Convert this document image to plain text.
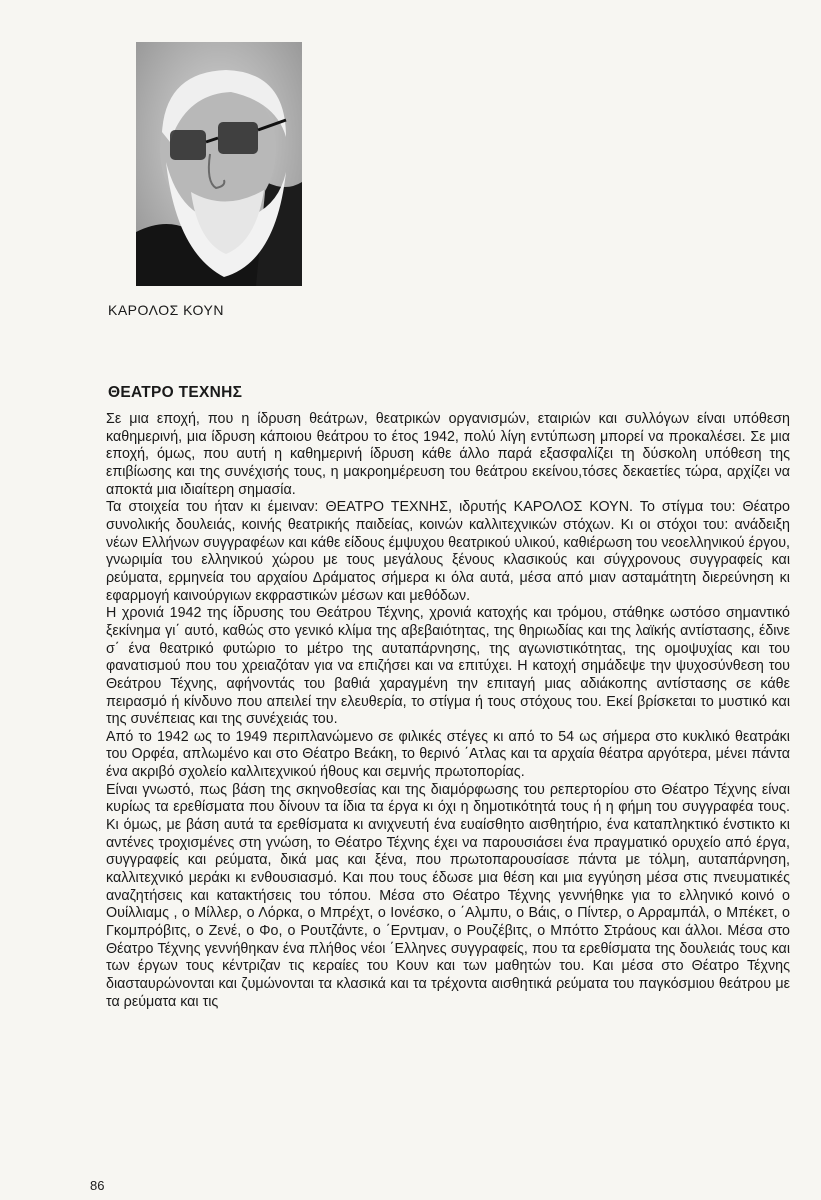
ΚΑΡΟΛΟΣ ΚΟΥΝ
ΘΕΑΤΡΟ ΤΕΧΝΗΣ

Σε μια εποχή, που η ίδρυση θεάτρων, θεατρικών οργανισμών, εταιριών και συλλόγων είναι υπόθεση καθημερινή, μια ίδρυση κάποιου θεάτρου το έτος 1942, πολύ λίγη εντύπωση μπορεί να προκαλέσει. Σε μια εποχή, όμως, που αυτή η καθημερινή ίδρυση κάθε άλλο παρά εξασφαλίζει τη δύσκολη υπόθεση της επιβίωσης και της συνέχισής τους, η μακροημέρευση του θεάτρου εκείνου,τόσες δεκαετίες τώρα, αρχίζει να αποκτά μια ιδιαίτερη σημασία.

Τα στοιχεία του ήταν κι έμειναν: ΘΕΑΤΡΟ ΤΕΧΝΗΣ, ιδρυτής ΚΑΡΟΛΟΣ ΚΟΥΝ. Το στίγμα του: Θέατρο συνολικής δουλειάς, κοινής θεατρικής παιδείας, κοινών καλλιτεχνικών στόχων. Κι οι στόχοι του: ανάδειξη νέων Ελλήνων συγγραφέων και κάθε είδους έμψυχου θεατρικού υλικού, καθιέρωση του νεοελληνικού έργου, γνωριμία του ελληνικού χώρου με τους μεγάλους ξένους κλασικούς και σύγχρονους συγγραφείς και ρεύματα, ερμηνεία του αρχαίου Δράματος σήμερα κι όλα αυτά, μέσα από μιαν ασταμάτητη διερεύνηση κι εφαρμογή καινούργιων εκφραστικών μέσων και μεθόδων.

Η χρονιά 1942 της ίδρυσης του Θεάτρου Τέχνης, χρονιά κατοχής και τρόμου, στάθηκε ωστόσο σημαντικό ξεκίνημα γι΄ αυτό, καθώς στο γενικό κλίμα της αβεβαιότητας, της θηριωδίας και της λαϊκής αντίστασης, έδινε σ΄ ένα θεατρικό φυτώριο το μέτρο της αυταπάρνησης, της αγωνιστικότητας, της ομοψυχίας και του φανατισμού που του χρειαζόταν για να επιζήσει και να επιτύχει. Η κατοχή σημάδεψε την ψυχοσύνθεση του Θεάτρου Τέχνης, αφήνοντάς του βαθιά χαραγμένη την επιταγή μιας αδιάκοπης αντίστασης σε κάθε πειρασμό ή κίνδυνο που απειλεί την ελευθερία, το στίγμα ή τους στόχους του. Εκεί βρίσκεται το μυστικό και της συνέπειας και της συνέχειάς του.

Από το 1942 ως το 1949 περιπλανώμενο σε φιλικές στέγες κι από το 54 ως σήμερα στο κυκλικό θεατράκι του Ορφέα, απλωμένο και στο Θέατρο Βεάκη, το θερινό ΄Ατλας και τα αρχαία θέατρα αργότερα, μένει πάντα ένα ακριβό σχολείο καλλιτεχνικού ήθους και σεμνής πρωτοπορίας.

Είναι γνωστό, πως βάση της σκηνοθεσίας και της διαμόρφωσης του ρεπερτορίου στο Θέατρο Τέχνης είναι κυρίως τα ερεθίσματα που δίνουν τα ίδια τα έργα κι όχι η δημοτικότητά τους ή η φήμη του συγγραφέα τους. Κι όμως, με βάση αυτά τα ερεθίσματα κι ανιχνευτή ένα ευαίσθητο αισθητήριο, ένα καταπληκτικό ένστικτο κι αντένες τροχισμένες στη γνώση, το Θέατρο Τέχνης έχει να παρουσιάσει ένα πραγματικό ορυχείο από έργα, συγγραφείς και ρεύματα, δικά μας και ξένα, που πρωτοπαρουσίασε πάντα με τόλμη, αυταπάρνηση, καλλιτεχνικό μεράκι κι ενθουσιασμό. Και που τους έδωσε μια θέση και μια εγγύηση μέσα στις πνευματικές αναζητήσεις και κατακτήσεις του τόπου. Μέσα στο Θέατρο Τέχνης γεννήθηκε για το ελληνικό κοινό ο Ουίλλιαμς , ο Μίλλερ, ο Λόρκα, ο Μπρέχτ, ο Ιονέσκο, ο ΄Αλμπυ, ο Βάις, ο Πίντερ, ο Αρραμπάλ, ο Μπέκετ, ο Γκομπρόβιτς, ο Ζενέ, ο Φο, ο Ρουτζάντε, ο ΄Ερντμαν, ο Ρουζέβιτς, ο Μπόττο Στράους και άλλοι. Μέσα στο Θέατρο Τέχνης γεννήθηκαν ένα πλήθος νέοι ΄Ελληνες συγγραφείς, που τα ερεθίσματα της δουλειάς τους και των έργων τους κέντριζαν τις κεραίες του Κουν και των μαθητών του. Και μέσα στο Θέατρο Τέχνης διασταυρώνονται και ζυμώνονται τα κλασικά και τα τρέχοντα αισθητικά ρεύματα του παγκόσμιου θεάτρου με τα ρεύματα και τις

86
